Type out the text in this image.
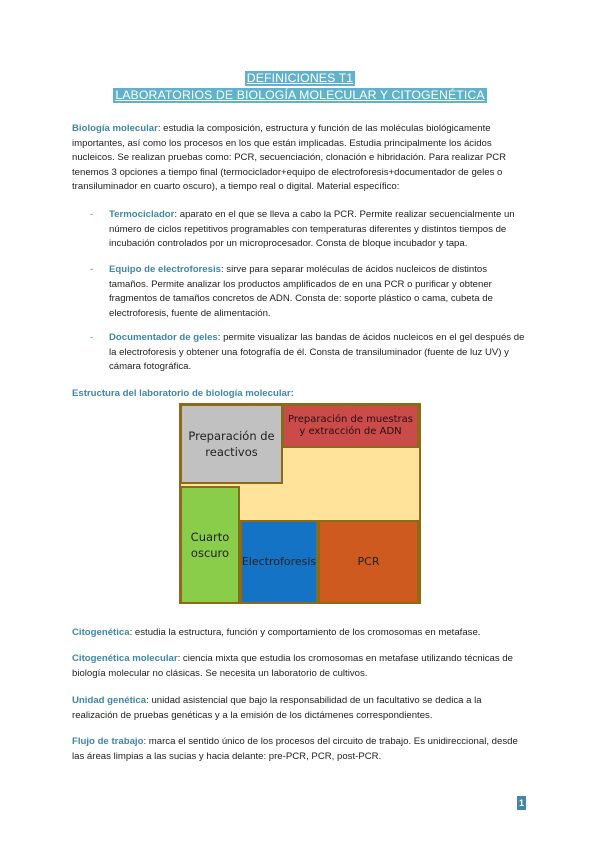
DEFINICIONES T1
LABORATORIOS DE BIOLOGÍA MOLECULAR Y CITOGENÉTICA

Biología molecular: estudia la composición, estructura y función de las moléculas biológicamente importantes, así como los procesos en los que están implicadas. Estudia principalmente los ácidos nucleicos. Se realizan pruebas como: PCR, secuenciación, clonación e hibridación. Para realizar PCR tenemos 3 opciones a tiempo final (termociclador+equipo de electroforesis+documentador de geles o transiluminador en cuarto oscuro), a tiempo real o digital. Material específico:

- Termociclador: aparato en el que se lleva a cabo la PCR. Permite realizar secuencialmente un número de ciclos repetitivos programables con temperaturas diferentes y distintos tiempos de incubación controlados por un microprocesador. Consta de bloque incubador y tapa.
- Equipo de electroforesis: sirve para separar moléculas de ácidos nucleicos de distintos tamaños. Permite analizar los productos amplificados de en una PCR o purificar y obtener fragmentos de tamaños concretos de ADN. Consta de: soporte plástico o cama, cubeta de electroforesis, fuente de alimentación.
- Documentador de geles: permite visualizar las bandas de ácidos nucleicos en el gel después de la electroforesis y obtener una fotografía de él. Consta de transiluminador (fuente de luz UV) y cámara fotográfica.
Estructura del laboratorio de biología molecular:
Preparación de reactivos
Preparación de muestras y extracción de ADN
Cuarto oscuro
Electroforesis	PCR

Citogenética: estudia la estructura, función y comportamiento de los cromosomas en metafase.

Citogenética molecular: ciencia mixta que estudia los cromosomas en metafase utilizando técnicas de biología molecular no clásicas. Se necesita un laboratorio de cultivos.

Unidad genética: unidad asistencial que bajo la responsabilidad de un facultativo se dedica a la realización de pruebas genéticas y a la emisión de los dictámenes correspondientes.

Flujo de trabajo: marca el sentido único de los procesos del circuito de trabajo. Es unidireccional, desde las áreas limpias a las sucias y hacia delante: pre-PCR, PCR, post-PCR.

1
